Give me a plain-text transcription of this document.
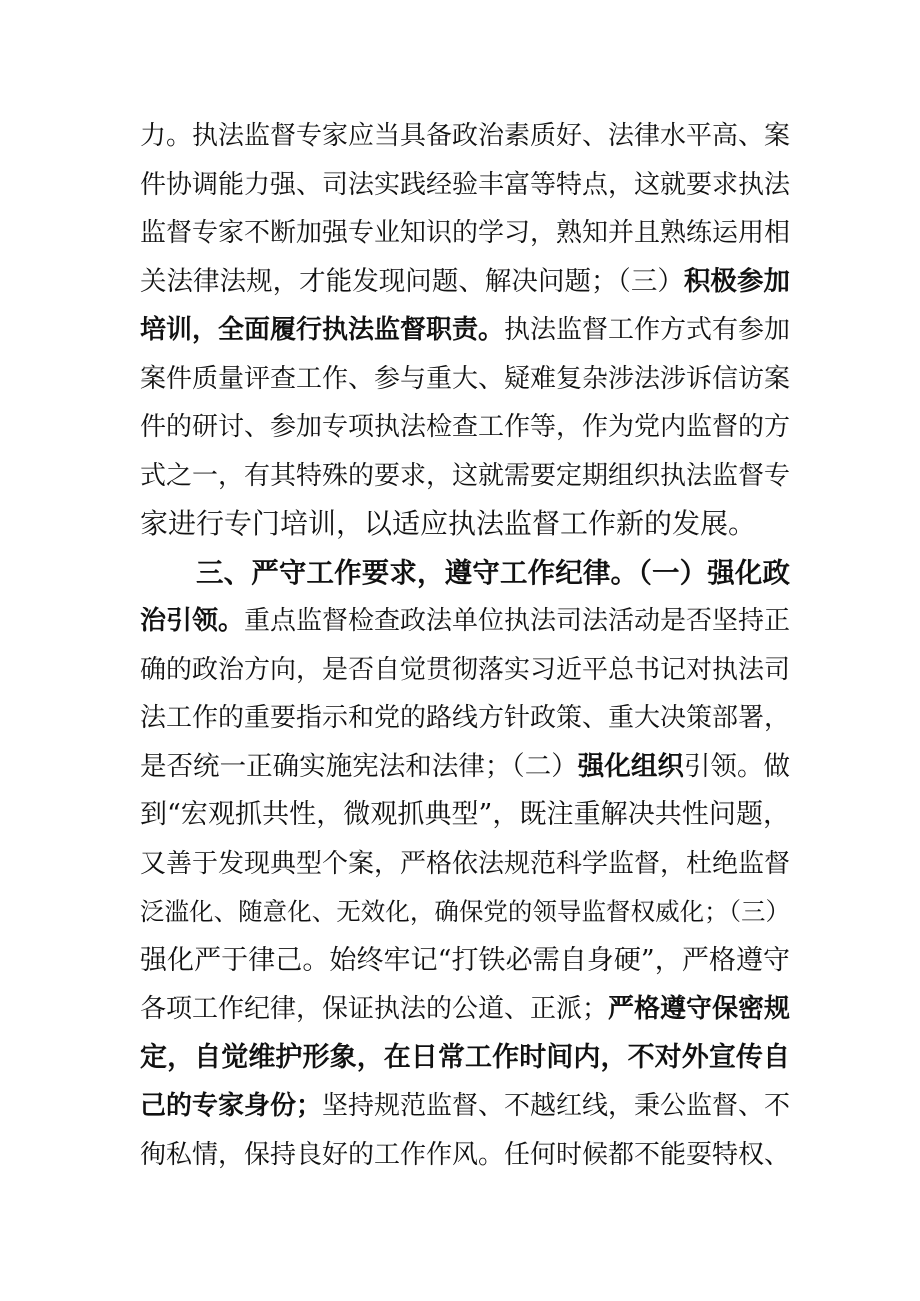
力。执法监督专家应当具备政治素质好、法律水平高、案
件协调能力强、司法实践经验丰富等特点，这就要求执法
监督专家不断加强专业知识的学习，熟知并且熟练运用相
关法律法规，才能发现问题、解决问题；（三）积极参加
培训，全面履行执法监督职责。执法监督工作方式有参加
案件质量评查工作、参与重大、疑难复杂涉法涉诉信访案
件的研讨、参加专项执法检查工作等，作为党内监督的方
式之一，有其特殊的要求，这就需要定期组织执法监督专
家进行专门培训，以适应执法监督工作新的发展。
三、严守工作要求，遵守工作纪律。（一）强化政
治引领。重点监督检查政法单位执法司法活动是否坚持正
确的政治方向，是否自觉贯彻落实习近平总书记对执法司
法工作的重要指示和党的路线方针政策、重大决策部署，
是否统一正确实施宪法和法律；（二）强化组织引领。做
到“宏观抓共性，微观抓典型”，既注重解决共性问题，
又善于发现典型个案，严格依法规范科学监督，杜绝监督
泛滥化、随意化、无效化，确保党的领导监督权威化；（三）
强化严于律己。始终牢记“打铁必需自身硬”，严格遵守
各项工作纪律，保证执法的公道、正派；严格遵守保密规
定，自觉维护形象，在日常工作时间内，不对外宣传自
己的专家身份；坚持规范监督、不越红线，秉公监督、不
徇私情，保持良好的工作作风。任何时候都不能耍特权、
